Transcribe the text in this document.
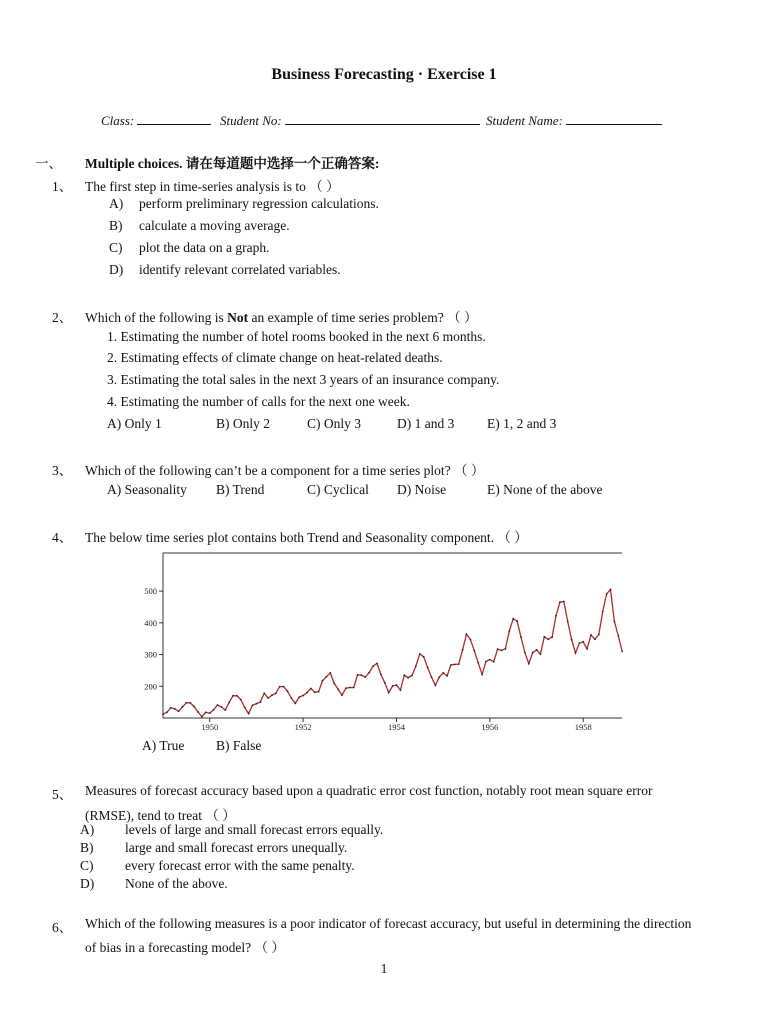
Business Forecasting · Exercise 1
Class:	Student No:	Student Name:
一、 Multiple choices. 请在每道题中选择一个正确答案:
1、 The first step in time-series analysis is to （ ）
A) perform preliminary regression calculations.
B) calculate a moving average.
C) plot the data on a graph.
D) identify relevant correlated variables.
2、 Which of the following is Not an example of time series problem? （ ）
1. Estimating the number of hotel rooms booked in the next 6 months.
2. Estimating effects of climate change on heat-related deaths.
3. Estimating the total sales in the next 3 years of an insurance company.
4. Estimating the number of calls for the next one week.
A) Only 1	B) Only 2	C) Only 3	D) 1 and 3 E) 1, 2 and 3
3、 Which of the following can’t be a component for a time series plot? （ ）
A) Seasonality B) Trend	C) Cyclical D) Noise	E) None of the above
4、 The below time series plot contains both Trend and Seasonality component. （ ）
200
300
400
500
1950	1952	1954	1956	1958
A) True B) False
5、 Measures of forecast accuracy based upon a quadratic error cost function, notably root mean square error
(RMSE), tend to treat （ ）
A) levels of large and small forecast errors equally.
B) large and small forecast errors unequally.
C) every forecast error with the same penalty.
D) None of the above.
6、 Which of the following measures is a poor indicator of forecast accuracy, but useful in determining the direction
of bias in a forecasting model? （ ）
1
